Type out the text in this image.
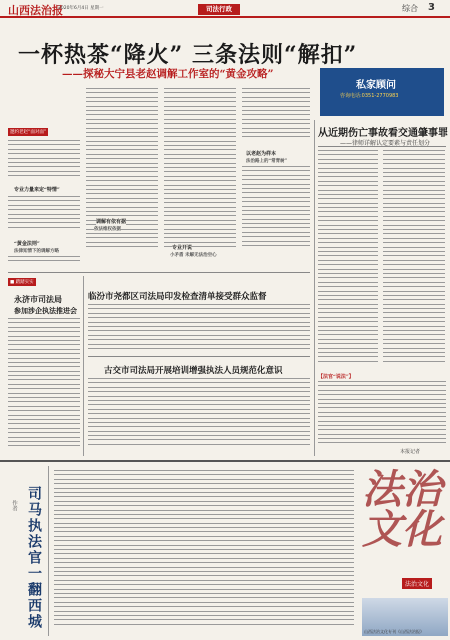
山西法治报
2020年6月4日 星期一	司法行政	综合 3
一杯热茶“降火” 三条法则“解扣”
——探秘大宁县老赵调解工作室的“黄金攻略”
私家顾问
咨询电话:0351-2770983
从近期伤亡事故看交通肇事罪
——律师详解认定要素与责任划分
【法官“说法”】
本报记者
邀约老赵“面对面”
专业力量来定“特情”
“黄金法则”
法律知情下的调解方略
调解有依有据
依法维权依据
专业开说
小矛盾 未解无法治空心
以老赵为样本
法治路上的“常青树”
■ 踏踏实实
永济市司法局
参加涉企执法推进会
临汾市尧都区司法局印发检查清单接受群众监督
古交市司法局开展培训增强执法人员规范化意识
司马执法官一翻西城
作者	法治文化
法治文化
山西法治文化专刊《山西法治报》
